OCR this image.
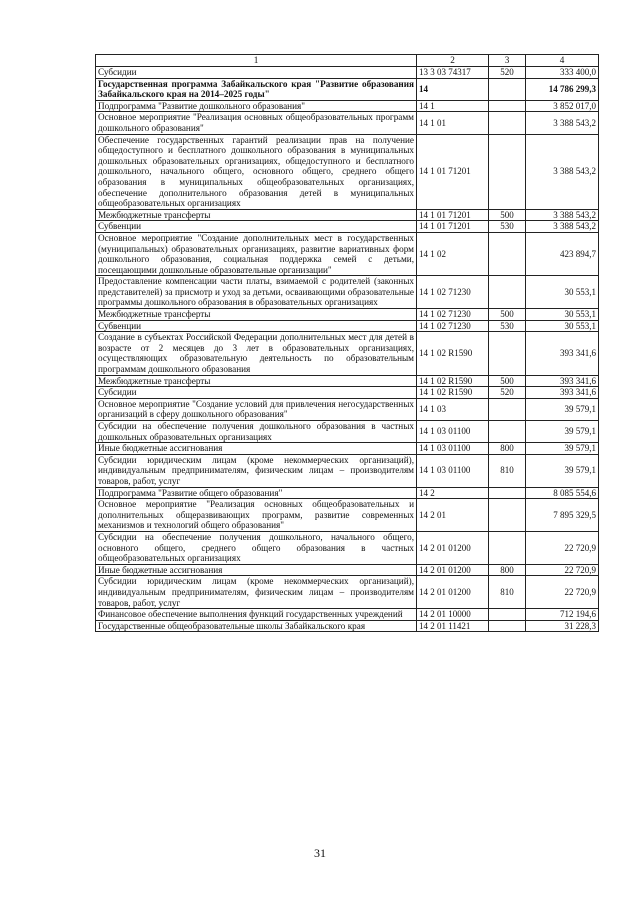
1	2	3	4
Субсидии	13 3 03 74317	520	333 400,0
Государственная программа Забайкальского края "Развитие образования Забайкальского края на 2014–2025 годы"	14		14 786 299,3
Подпрограмма "Развитие дошкольного образования"	14 1		3 852 017,0
Основное мероприятие "Реализация основных общеобразовательных программ дошкольного образования"	14 1 01		3 388 543,2
Обеспечение государственных гарантий реализации прав на получение общедоступного и бесплатного дошкольного образования в муниципальных дошкольных образовательных организациях, общедоступного и бесплатного дошкольного, начального общего, основного общего, среднего общего образования в муниципальных общеобразовательных организациях, обеспечение дополнительного образования детей в муниципальных общеобразовательных организациях	14 1 01 71201		3 388 543,2
Межбюджетные трансферты	14 1 01 71201	500	3 388 543,2
Субвенции	14 1 01 71201	530	3 388 543,2
Основное мероприятие "Создание дополнительных мест в государственных (муниципальных) образовательных организациях, развитие вариативных форм дошкольного образования, социальная поддержка семей с детьми, посещающими дошкольные образовательные организации"	14 1 02		423 894,7
Предоставление компенсации части платы, взимаемой с родителей (законных представителей) за присмотр и уход за детьми, осваивающими образовательные программы дошкольного образования в образовательных организациях	14 1 02 71230		30 553,1
Межбюджетные трансферты	14 1 02 71230	500	30 553,1
Субвенции	14 1 02 71230	530	30 553,1
Создание в субъектах Российской Федерации дополнительных мест для детей в возрасте от 2 месяцев до 3 лет в образовательных организациях, осуществляющих образовательную деятельность по образовательным программам дошкольного образования	14 1 02 R1590		393 341,6
Межбюджетные трансферты	14 1 02 R1590	500	393 341,6
Субсидии	14 1 02 R1590	520	393 341,6
Основное мероприятие "Создание условий для привлечения негосударственных организаций в сферу дошкольного образования"	14 1 03		39 579,1
Субсидии на обеспечение получения дошкольного образования в частных дошкольных образовательных организациях	14 1 03 01100		39 579,1
Иные бюджетные ассигнования	14 1 03 01100	800	39 579,1
Субсидии юридическим лицам (кроме некоммерческих организаций), индивидуальным предпринимателям, физическим лицам – производителям товаров, работ, услуг	14 1 03 01100	810	39 579,1
Подпрограмма "Развитие общего образования"	14 2		8 085 554,6
Основное мероприятие "Реализация основных общеобразовательных и дополнительных общеразвивающих программ, развитие современных механизмов и технологий общего образования"	14 2 01		7 895 329,5
Субсидии на обеспечение получения дошкольного, начального общего, основного общего, среднего общего образования в частных общеобразовательных организациях	14 2 01 01200		22 720,9
Иные бюджетные ассигнования	14 2 01 01200	800	22 720,9
Субсидии юридическим лицам (кроме некоммерческих организаций), индивидуальным предпринимателям, физическим лицам – производителям товаров, работ, услуг	14 2 01 01200	810	22 720,9
Финансовое обеспечение выполнения функций государственных учреждений	14 2 01 10000		712 194,6
Государственные общеобразовательные школы Забайкальского края	14 2 01 11421		31 228,3
31
